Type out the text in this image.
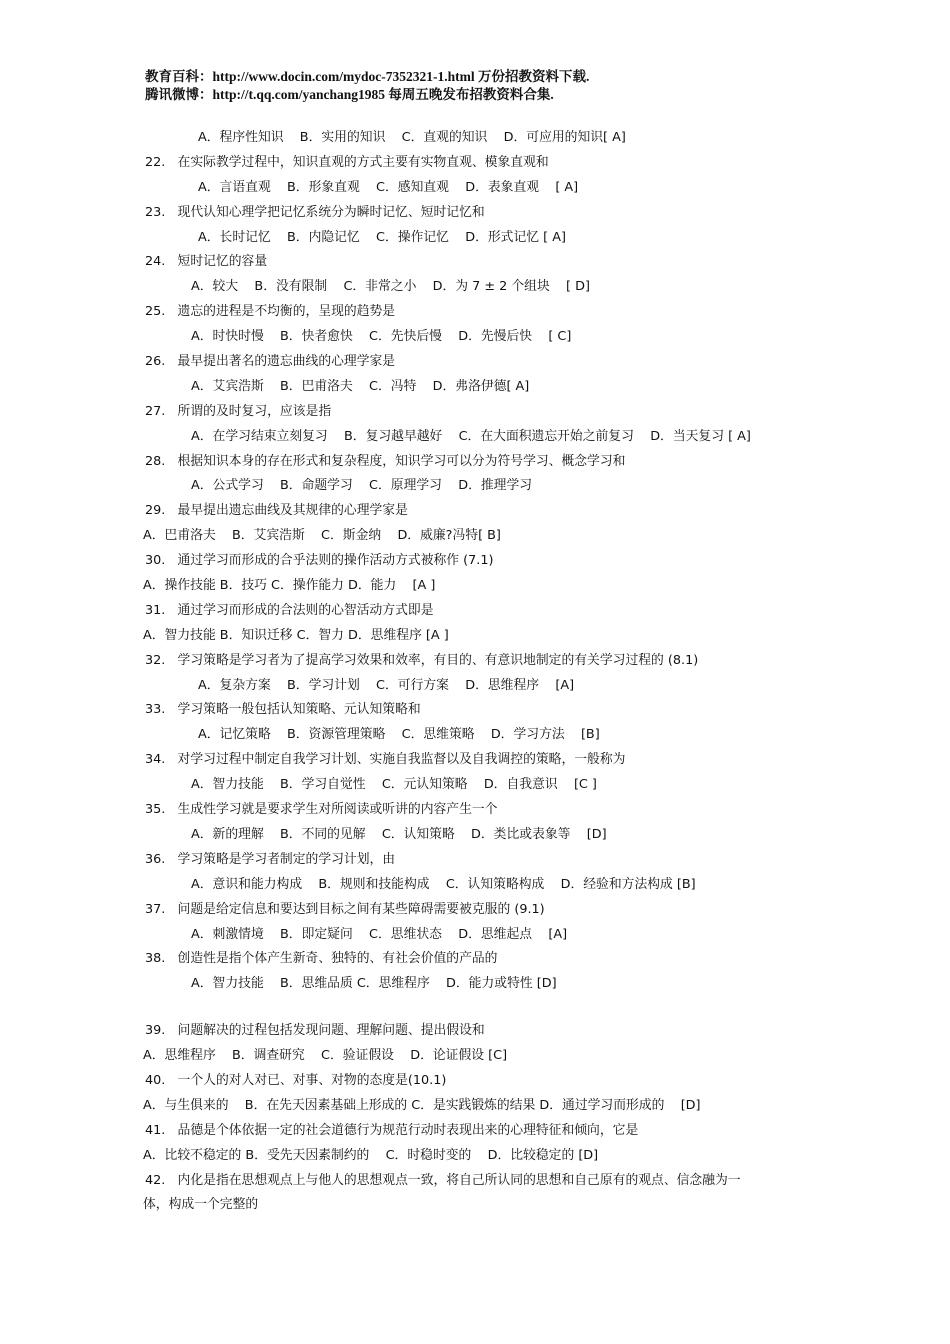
教育百科：http://www.docin.com/mydoc-7352321-1.html 万份招教资料下载.
腾讯微博：http://t.qq.com/yanchang1985 每周五晚发布招教资料合集.
A．程序性知识    B．实用的知识    C．直观的知识    D．可应用的知识[ A]
22.   在实际教学过程中，知识直观的方式主要有实物直观、模象直观和
A．言语直观    B．形象直观    C．感知直观    D．表象直观    [ A]
23.   现代认知心理学把记忆系统分为瞬时记忆、短时记忆和
A．长时记忆    B．内隐记忆    C．操作记忆    D．形式记忆 [ A]
24.   短时记忆的容量
A．较大    B．没有限制    C．非常之小    D．为 7 ± 2 个组块    [ D]
25.   遗忘的进程是不均衡的，呈现的趋势是
A．时快时慢    B．快者愈快    C．先快后慢    D．先慢后快    [ C]
26.   最早提出著名的遗忘曲线的心理学家是
A．艾宾浩斯    B．巴甫洛夫    C．冯特    D．弗洛伊德[ A]
27.   所谓的及时复习，应该是指
A．在学习结束立刻复习    B．复习越早越好    C．在大面积遗忘开始之前复习    D．当天复习 [ A]
28.   根据知识本身的存在形式和复杂程度，知识学习可以分为符号学习、概念学习和
A．公式学习    B．命题学习    C．原理学习    D．推理学习
29.   最早提出遗忘曲线及其规律的心理学家是
A．巴甫洛夫    B．艾宾浩斯    C．斯金纳    D．威廉?冯特[ B]
30.   通过学习而形成的合乎法则的操作活动方式被称作 (7.1)
A．操作技能 B．技巧 C．操作能力 D．能力    [A ]
31.   通过学习而形成的合法则的心智活动方式即是
A．智力技能 B．知识迁移 C．智力 D．思维程序 [A ]
32.   学习策略是学习者为了提高学习效果和效率，有目的、有意识地制定的有关学习过程的 (8.1)
A．复杂方案    B．学习计划    C．可行方案    D．思维程序    [A]
33.   学习策略一般包括认知策略、元认知策略和
A．记忆策略    B．资源管理策略    C．思维策略    D．学习方法    [B]
34.   对学习过程中制定自我学习计划、实施自我监督以及自我调控的策略，一般称为
A．智力技能    B．学习自觉性    C．元认知策略    D．自我意识    [C ]
35.   生成性学习就是要求学生对所阅读或听讲的内容产生一个
A．新的理解    B．不同的见解    C．认知策略    D．类比或表象等    [D]
36.   学习策略是学习者制定的学习计划，由
A．意识和能力构成    B．规则和技能构成    C．认知策略构成    D．经验和方法构成 [B]
37.   问题是给定信息和要达到目标之间有某些障碍需要被克服的 (9.1)
A．刺激情境    B．即定疑问    C．思维状态    D．思维起点    [A]
38.   创造性是指个体产生新奇、独特的、有社会价值的产品的
A．智力技能    B．思维品质 C．思维程序    D．能力或特性 [D]
39.   问题解决的过程包括发现问题、理解问题、提出假设和
A．思维程序    B．调查研究    C．验证假设    D．论证假设 [C]
40.   一个人的对人对已、对事、对物的态度是(10.1)
A．与生俱来的    B．在先天因素基础上形成的 C．是实践锻炼的结果 D．通过学习而形成的    [D]
41.   品德是个体依据一定的社会道德行为规范行动时表现出来的心理特征和倾向，它是
A．比较不稳定的 B．受先天因素制约的    C．时稳时变的    D．比较稳定的 [D]
42.   内化是指在思想观点上与他人的思想观点一致，将自己所认同的思想和自己原有的观点、信念融为一
体，构成一个完整的
